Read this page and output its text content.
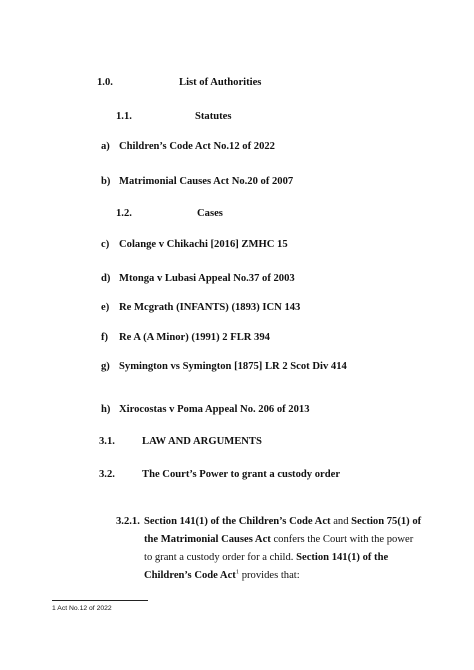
1.0.	List of Authorities
1.1.	Statutes
a) Children’s Code Act No.12 of 2022
b) Matrimonial Causes Act No.20 of 2007
1.2.	Cases
c) Colange v Chikachi [2016] ZMHC 15
d) Mtonga v Lubasi Appeal No.37 of 2003
e) Re Mcgrath (INFANTS) (1893) ICN 143
f) Re A (A Minor) (1991) 2 FLR 394
g) Symington vs Symington [1875] LR 2 Scot Div 414
h) Xirocostas v Poma Appeal No. 206 of 2013
3.1.	LAW AND ARGUMENTS
3.2.	The Court’s Power to grant a custody order
3.2.1. Section 141(1) of the Children’s Code Act and Section 75(1) of the Matrimonial Causes Act confers the Court with the power to grant a custody order for a child. Section 141(1) of the Children’s Code Act$^1$ provides that:
1 Act No.12 of 2022
